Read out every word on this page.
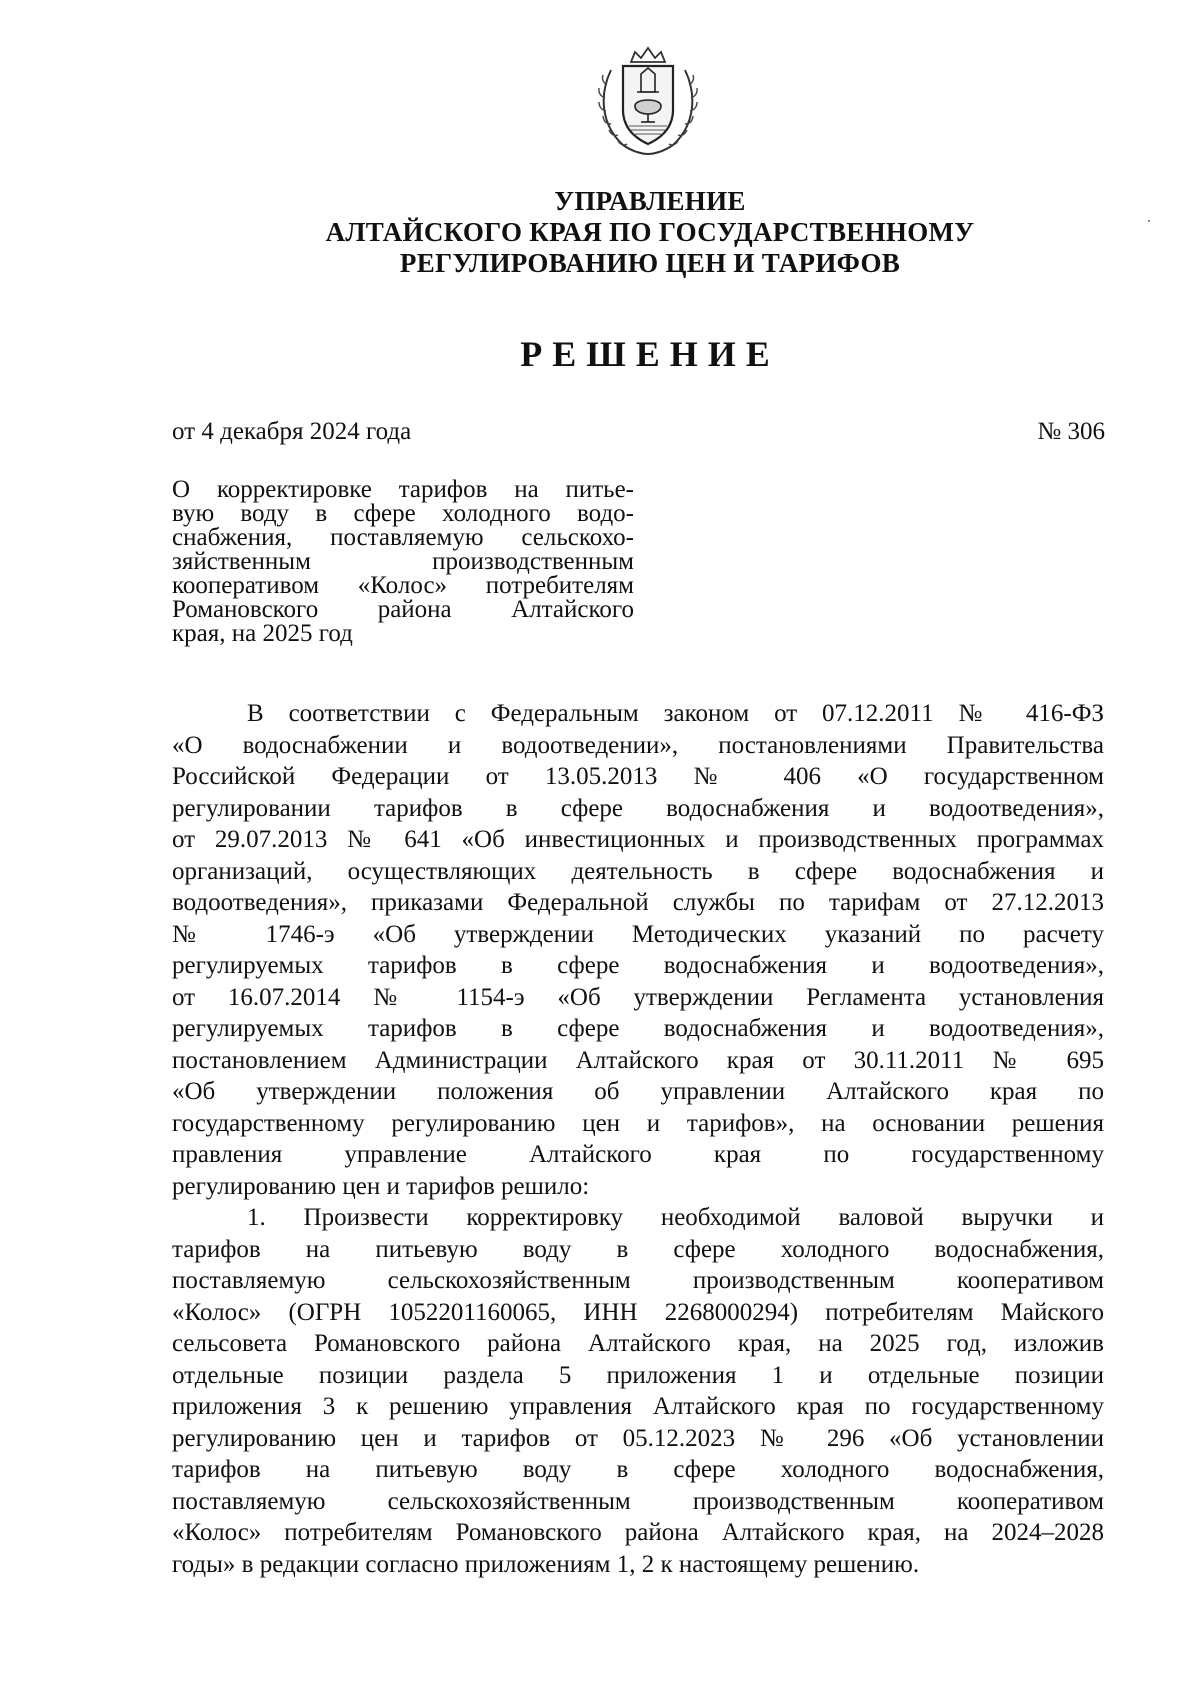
УПРАВЛЕНИЕ
АЛТАЙСКОГО КРАЯ ПО ГОСУДАРСТВЕННОМУ
РЕГУЛИРОВАНИЮ ЦЕН И ТАРИФОВ
РЕШЕНИЕ
от 4 декабря 2024 года	№ 306
О корректировке тарифов на питье-
вую воду в сфере холодного водо-
снабжения, поставляемую сельскохо-
зяйственным производственным
кооперативом «Колос» потребителям
Романовского района Алтайского
края, на 2025 год
В соответствии с Федеральным законом от 07.12.2011 № 416-ФЗ
«О водоснабжении и водоотведении», постановлениями Правительства
Российской Федерации от 13.05.2013 № 406 «О государственном
регулировании тарифов в сфере водоснабжения и водоотведения»,
от 29.07.2013 № 641 «Об инвестиционных и производственных программах
организаций, осуществляющих деятельность в сфере водоснабжения и
водоотведения», приказами Федеральной службы по тарифам от 27.12.2013
№ 1746-э «Об утверждении Методических указаний по расчету
регулируемых тарифов в сфере водоснабжения и водоотведения»,
от 16.07.2014 № 1154-э «Об утверждении Регламента установления
регулируемых тарифов в сфере водоснабжения и водоотведения»,
постановлением Администрации Алтайского края от 30.11.2011 № 695
«Об утверждении положения об управлении Алтайского края по
государственному регулированию цен и тарифов», на основании решения
правления управление Алтайского края по государственному
регулированию цен и тарифов решило:
1. Произвести корректировку необходимой валовой выручки и
тарифов на питьевую воду в сфере холодного водоснабжения,
поставляемую сельскохозяйственным производственным кооперативом
«Колос» (ОГРН 1052201160065, ИНН 2268000294) потребителям Майского
сельсовета Романовского района Алтайского края, на 2025 год, изложив
отдельные позиции раздела 5 приложения 1 и отдельные позиции
приложения 3 к решению управления Алтайского края по государственному
регулированию цен и тарифов от 05.12.2023 № 296 «Об установлении
тарифов на питьевую воду в сфере холодного водоснабжения,
поставляемую сельскохозяйственным производственным кооперативом
«Колос» потребителям Романовского района Алтайского края, на 2024–2028
годы» в редакции согласно приложениям 1, 2 к настоящему решению.
